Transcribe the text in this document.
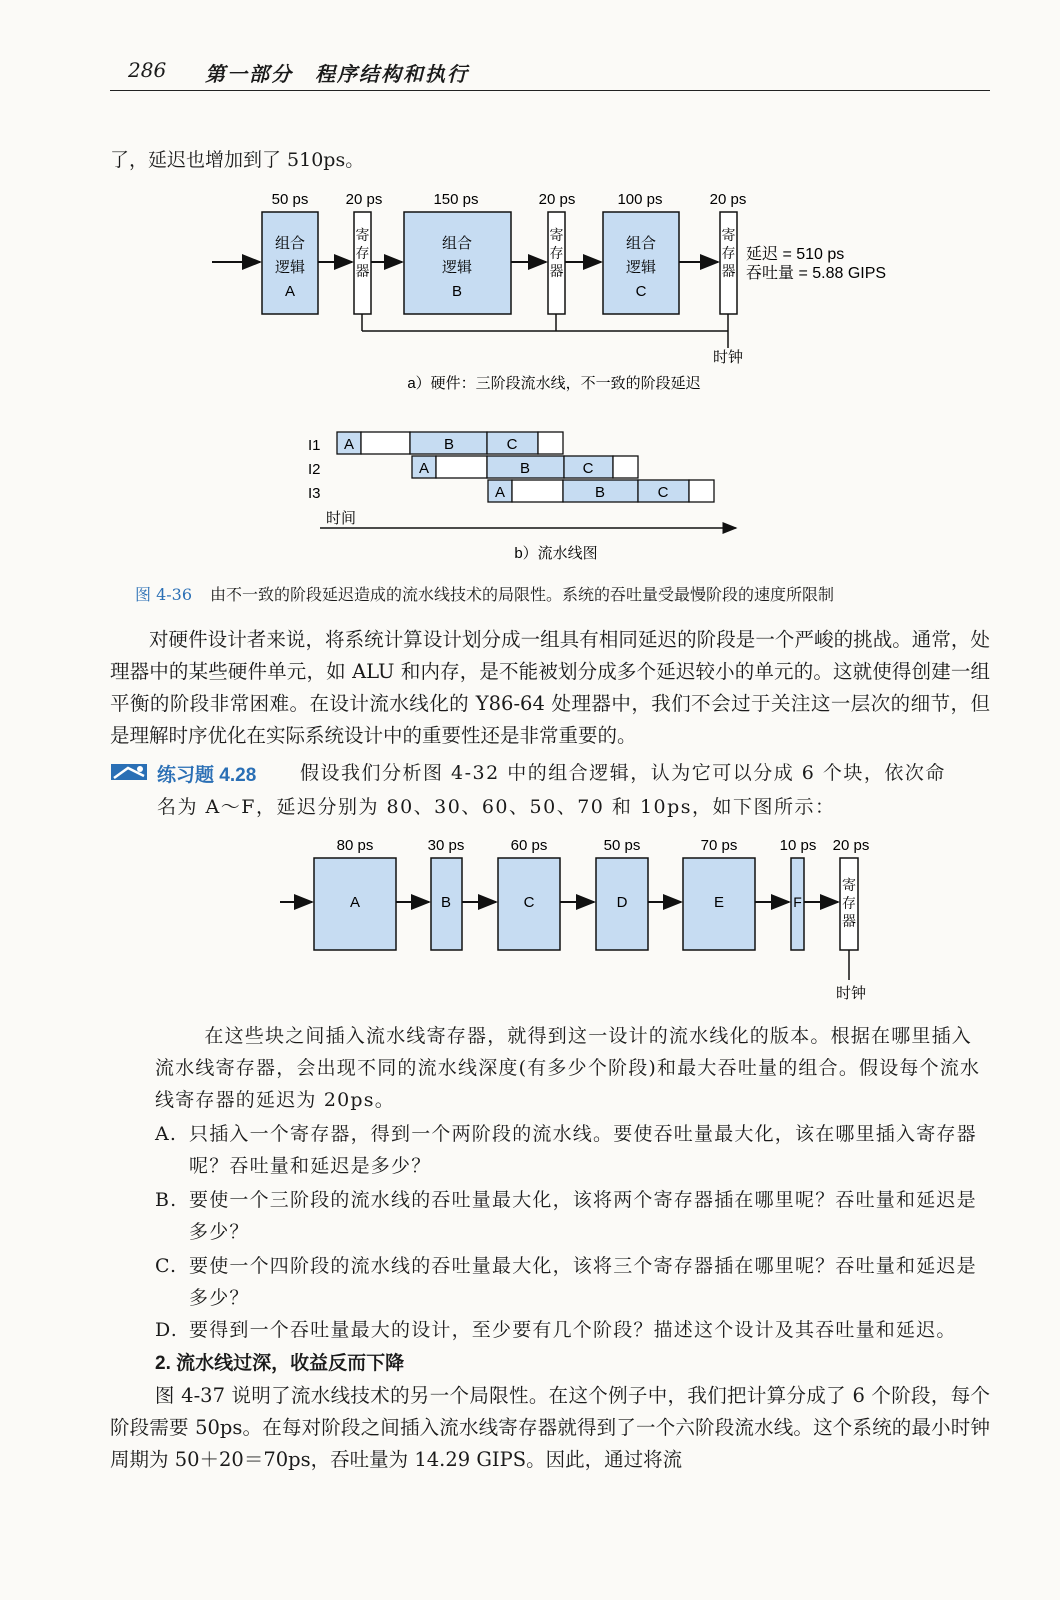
286 第一部分　程序结构和执行
了，延迟也增加到了 510ps。
50 ps 20 ps	150 ps	20 ps	100 ps	20 ps
组合
逻辑
A
寄
存
器
组合
逻辑
B
寄
存
器
组合
逻辑
C
寄
存
器
延迟 = 510 ps
吞吐量 = 5.88 GIPS
时钟
a）硬件：三阶段流水线，不一致的阶段延迟
I1 A	B	C
I2	A	B	C
I3	A	B	C
时间
b）流水线图
图 4-36 由不一致的阶段延迟造成的流水线技术的局限性。系统的吞吐量受最慢阶段的速度所限制
对硬件设计者来说，将系统计算设计划分成一组具有相同延迟的阶段是一个严峻的挑战。通常，处理器中的某些硬件单元，如 ALU 和内存，是不能被划分成多个延迟较小的单元的。这就使得创建一组平衡的阶段非常困难。在设计流水线化的 Y86-64 处理器中，我们不会过于关注这一层次的细节，但是理解时序优化在实际系统设计中的重要性还是非常重要的。
练习题 4.28 假设我们分析图 4-32 中的组合逻辑，认为它可以分成 6 个块，依次命
名为 A～F，延迟分别为 80、30、60、50、70 和 10ps，如下图所示：
80 ps	30 ps	60 ps	50 ps	70 ps	10 ps 20 ps
A	B	C	D	E	F
寄
存
器
时钟
在这些块之间插入流水线寄存器，就得到这一设计的流水线化的版本。根据在哪里插入流水线寄存器，会出现不同的流水线深度(有多少个阶段)和最大吞吐量的组合。假设每个流水线寄存器的延迟为 20ps。
A. 只插入一个寄存器，得到一个两阶段的流水线。要使吞吐量最大化，该在哪里插入寄存器呢？吞吐量和延迟是多少？
B. 要使一个三阶段的流水线的吞吐量最大化，该将两个寄存器插在哪里呢？吞吐量和延迟是多少？
C. 要使一个四阶段的流水线的吞吐量最大化，该将三个寄存器插在哪里呢？吞吐量和延迟是多少？
D. 要得到一个吞吐量最大的设计，至少要有几个阶段？描述这个设计及其吞吐量和延迟。
2. 流水线过深，收益反而下降
图 4-37 说明了流水线技术的另一个局限性。在这个例子中，我们把计算分成了 6 个阶段，每个阶段需要 50ps。在每对阶段之间插入流水线寄存器就得到了一个六阶段流水线。这个系统的最小时钟周期为 50＋20＝70ps，吞吐量为 14.29 GIPS。因此，通过将流
